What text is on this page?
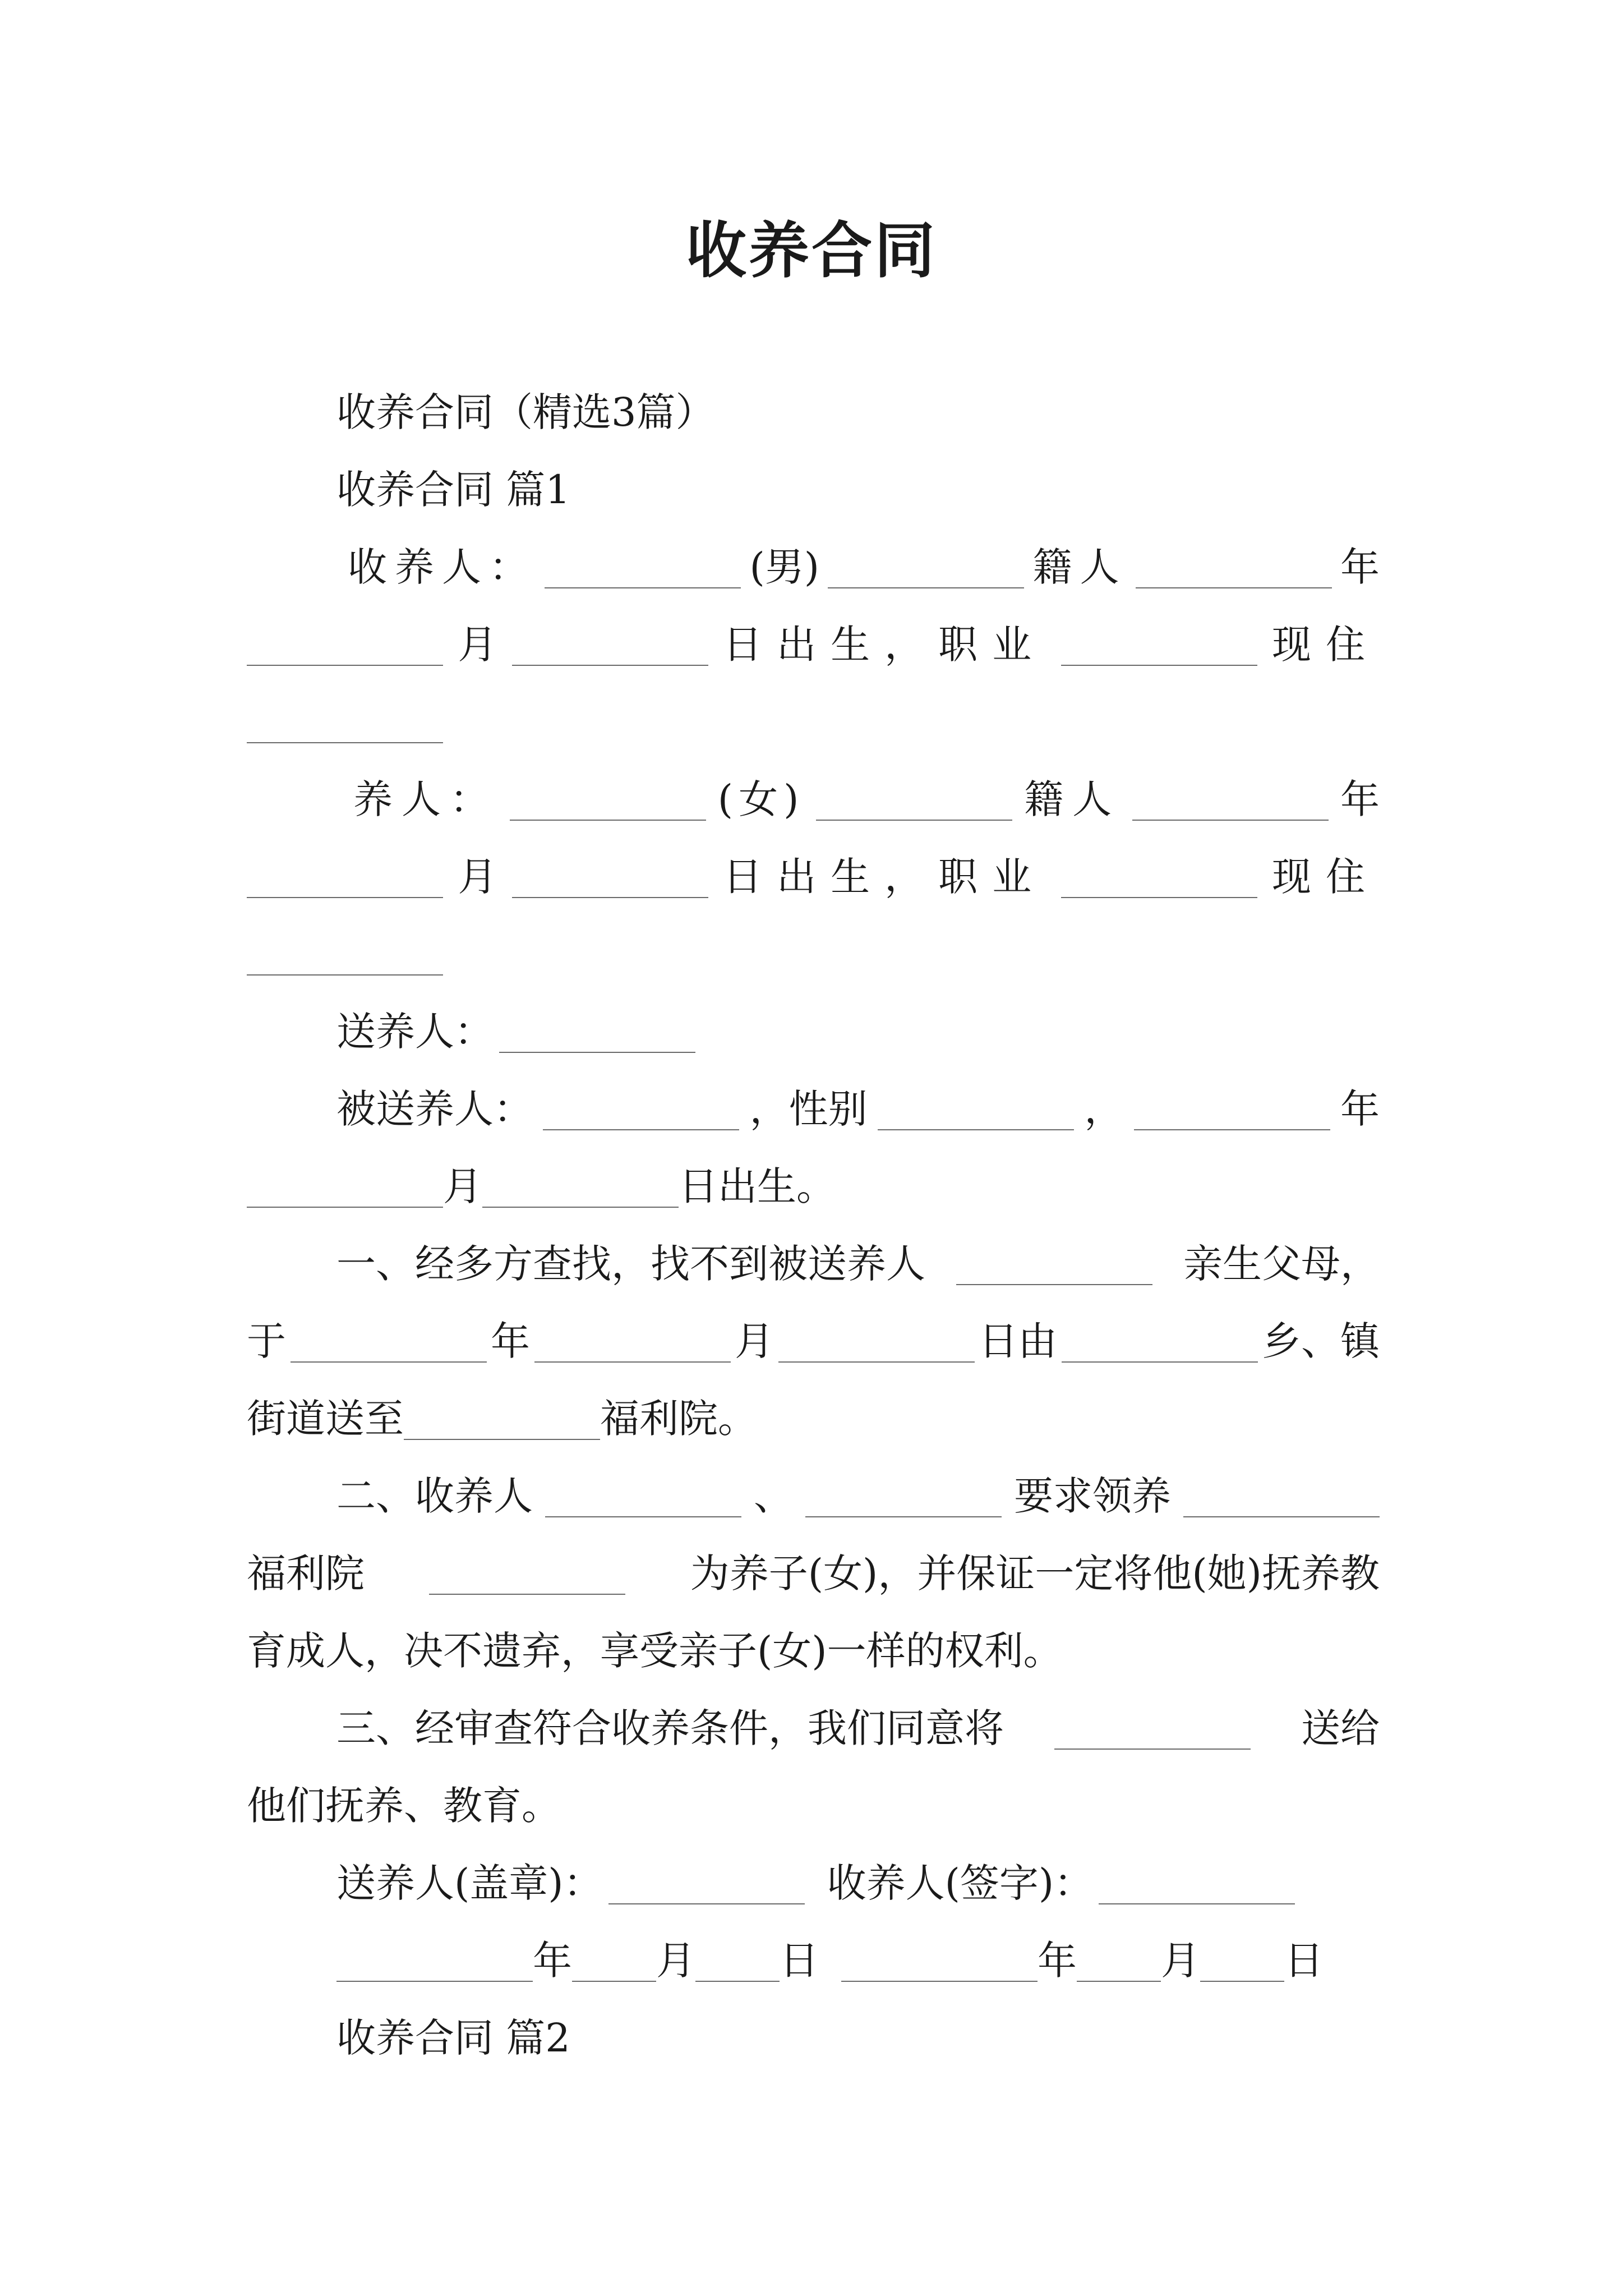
收养合同
收养合同（精选3篇）
收养合同 篇1
收养人：	(男)	籍人	年
月	日出生，职业	现住
养人：	(女)	籍人	年
月	日出生，职业	现住
送养人：
被送养人：	，性别	，	年
月	日出生。
一、经多方查找，找不到被送养人	亲生父母，
于	年	月	日由	乡、镇
街道送至	福利院。
二、收养人	、	要求领养
福利院	为养子(女)，并保证一定将他(她)抚养教
育成人，决不遗弃，享受亲子(女)一样的权利。
三、经审查符合收养条件，我们同意将	送给
他们抚养、教育。
送养人(盖章)：	收养人(签字)：
年 月 日	年 月 日
收养合同 篇2
